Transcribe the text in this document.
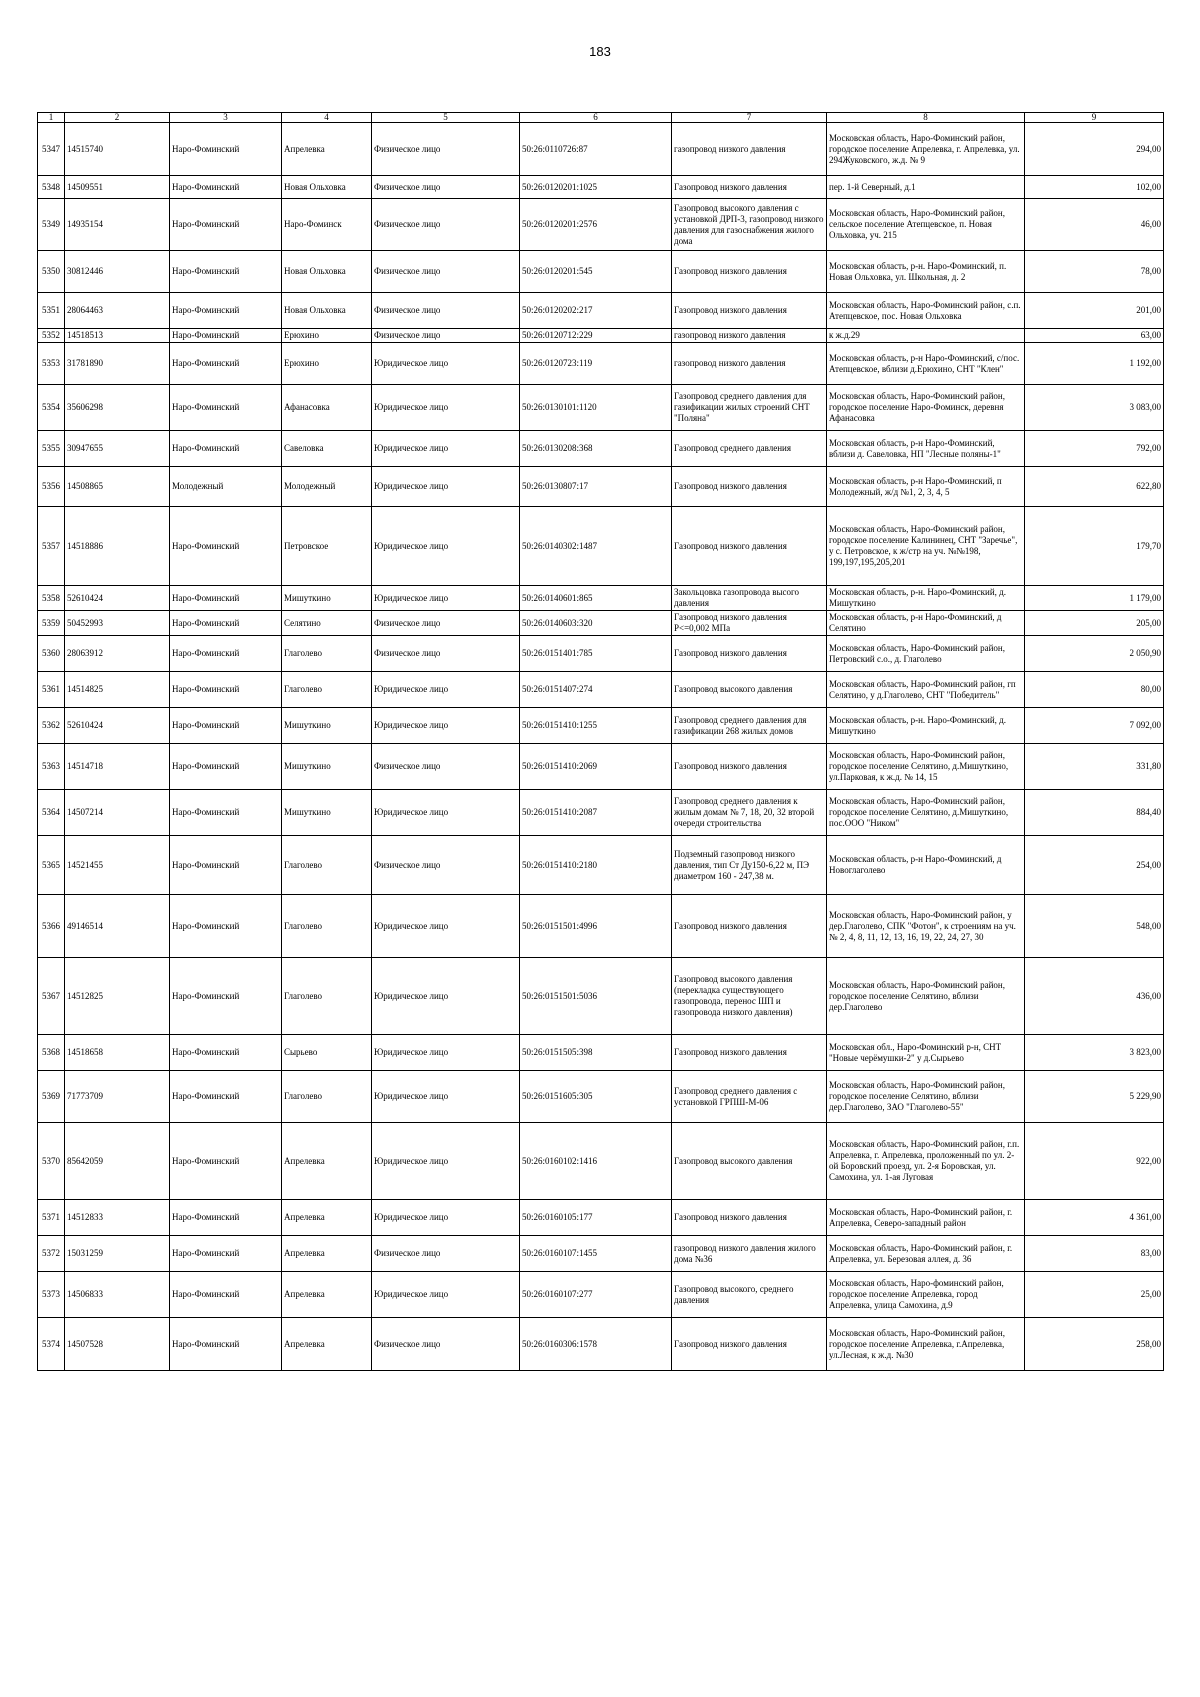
183
1	2	3	4	5	6	7	8	9
5347	14515740	Наро-Фоминский	Апрелевка	Физическое лицо	50:26:0110726:87	газопровод низкого давления	Московская область, Наро-Фоминский район, городское поселение Апрелевка, г. Апрелевка, ул. 294Жуковского, ж.д. № 9	294,00
5348	14509551	Наро-Фоминский	Новая Ольховка	Физическое лицо	50:26:0120201:1025	Газопровод низкого давления	пер. 1-й Северный, д.1	102,00
5349	14935154	Наро-Фоминский	Наро-Фоминск	Физическое лицо	50:26:0120201:2576	Газопровод высокого давления с установкой ДРП-3, газопровод низкого давления для газоснабжения жилого дома	Московская область, Наро-Фоминский район, сельское поселение Атепцевское, п. Новая Ольховка, уч. 215	46,00
5350	30812446	Наро-Фоминский	Новая Ольховка	Физическое лицо	50:26:0120201:545	Газопровод низкого давления	Московская область, р-н. Наро-Фоминский, п. Новая Ольховка, ул. Школьная, д. 2	78,00
5351	28064463	Наро-Фоминский	Новая Ольховка	Физическое лицо	50:26:0120202:217	Газопровод низкого давления	Московская область, Наро-Фоминский район, с.п. Атепцевское, пос. Новая Ольховка	201,00
5352	14518513	Наро-Фоминский	Ерюхино	Физическое лицо	50:26:0120712:229	газопровод низкого давления	к ж.д.29	63,00
5353	31781890	Наро-Фоминский	Ерюхино	Юридическое лицо	50:26:0120723:119	газопровод низкого давления	Московская область, р-н Наро-Фоминский, с/пос. Атепцевское, вблизи д.Ерюхино, СНТ "Клен"	1 192,00
5354	35606298	Наро-Фоминский	Афанасовка	Юридическое лицо	50:26:0130101:1120	Газопровод среднего давления для газификации жилых строений СНТ "Поляна"	Московская область, Наро-Фоминский район, городское поселение Наро-Фоминск, деревня Афанасовка	3 083,00
5355	30947655	Наро-Фоминский	Савеловка	Юридическое лицо	50:26:0130208:368	Газопровод среднего давления	Московская область, р-н Наро-Фоминский, вблизи д. Савеловка, НП "Лесные поляны-1"	792,00
5356	14508865	Молодежный	Молодежный	Юридическое лицо	50:26:0130807:17	Газопровод низкого давления	Московская область, р-н Наро-Фоминский, п Молодежный, ж/д №1, 2, 3, 4, 5	622,80
5357	14518886	Наро-Фоминский	Петровское	Юридическое лицо	50:26:0140302:1487	Газопровод низкого давления	Московская область, Наро-Фоминский район, городское поселение Калининец, СНТ "Заречье", у с. Петровское, к ж/стр на уч. №№198, 199,197,195,205,201	179,70
5358	52610424	Наро-Фоминский	Мишуткино	Юридическое лицо	50:26:0140601:865	Закольцовка газопровода высого давления	Московская область, р-н. Наро-Фоминский, д. Мишуткино	1 179,00
5359	50452993	Наро-Фоминский	Селятино	Физическое лицо	50:26:0140603:320	Газопровод низкого давления Р<=0,002 МПа	Московская область, р-н Наро-Фоминский, д Селятино	205,00
5360	28063912	Наро-Фоминский	Глаголево	Физическое лицо	50:26:0151401:785	Газопровод низкого давления	Московская область, Наро-Фоминский район, Петровский с.о., д. Глаголево	2 050,90
5361	14514825	Наро-Фоминский	Глаголево	Юридическое лицо	50:26:0151407:274	Газопровод высокого давления	Московская область, Наро-Фоминский район, гп Селятино, у д.Глаголево, СНТ "Победитель"	80,00
5362	52610424	Наро-Фоминский	Мишуткино	Юридическое лицо	50:26:0151410:1255	Газопровод среднего давления для газификации 268 жилых домов	Московская область, р-н. Наро-Фоминский, д. Мишуткино	7 092,00
5363	14514718	Наро-Фоминский	Мишуткино	Физическое лицо	50:26:0151410:2069	Газопровод низкого давления	Московская область, Наро-Фоминский район, городское поселение Селятино, д.Мишуткино, ул.Парковая, к ж.д. № 14, 15	331,80
5364	14507214	Наро-Фоминский	Мишуткино	Юридическое лицо	50:26:0151410:2087	Газопровод среднего давления к жилым домам № 7, 18, 20, 32 второй очереди строительства	Московская область, Наро-Фоминский район, городское поселение Селятино, д.Мишуткино, пос.ООО "Ником"	884,40
5365	14521455	Наро-Фоминский	Глаголево	Физическое лицо	50:26:0151410:2180	Подземный газопровод низкого давления, тип Ст Ду150-6,22 м, ПЭ диаметром 160 - 247,38 м.	Московская область, р-н Наро-Фоминский, д Новоглаголево	254,00
5366	49146514	Наро-Фоминский	Глаголево	Юридическое лицо	50:26:0151501:4996	Газопровод низкого давления	Московская область, Наро-Фоминский район, у дер.Глаголево, СПК "Фотон", к строениям на уч. № 2, 4, 8, 11, 12, 13, 16, 19, 22, 24, 27, 30	548,00
5367	14512825	Наро-Фоминский	Глаголево	Юридическое лицо	50:26:0151501:5036	Газопровод высокого давления (перекладка существующего газопровода, перенос ШП и газопровода низкого давления)	Московская область, Наро-Фоминский район, городское поселение Селятино, вблизи дер.Глаголево	436,00
5368	14518658	Наро-Фоминский	Сырьево	Юридическое лицо	50:26:0151505:398	Газопровод низкого давления	Московская обл., Наро-Фоминский р-н, СНТ "Новые черёмушки-2" у д.Сырьево	3 823,00
5369	71773709	Наро-Фоминский	Глаголево	Юридическое лицо	50:26:0151605:305	Газопровод среднего давления с установкой ГРПШ-М-06	Московская область, Наро-Фоминский район, городское поселение Селятино, вблизи дер.Глаголево, ЗАО "Глаголево-55"	5 229,90
5370	85642059	Наро-Фоминский	Апрелевка	Юридическое лицо	50:26:0160102:1416	Газопровод высокого давления	Московская область, Наро-Фоминский район, г.п. Апрелевка, г. Апрелевка, проложенный по ул. 2-ой Боровский проезд, ул. 2-я Боровская, ул. Самохина, ул. 1-ая Луговая	922,00
5371	14512833	Наро-Фоминский	Апрелевка	Юридическое лицо	50:26:0160105:177	Газопровод низкого давления	Московская область, Наро-Фоминский район, г. Апрелевка, Северо-западный район	4 361,00
5372	15031259	Наро-Фоминский	Апрелевка	Физическое лицо	50:26:0160107:1455	газопровод низкого давления жилого дома №36	Московская область, Наро-Фоминский район, г. Апрелевка, ул. Березовая аллея, д. 36	83,00
5373	14506833	Наро-Фоминский	Апрелевка	Юридическое лицо	50:26:0160107:277	Газопровод высокого, среднего давления	Московская область, Наро-фоминский район, городское поселение Апрелевка, город Апрелевка, улица Самохина, д.9	25,00
5374	14507528	Наро-Фоминский	Апрелевка	Физическое лицо	50:26:0160306:1578	Газопровод низкого давления	Московская область, Наро-Фоминский район, городское поселение Апрелевка, г.Апрелевка, ул.Лесная, к ж.д. №30	258,00
